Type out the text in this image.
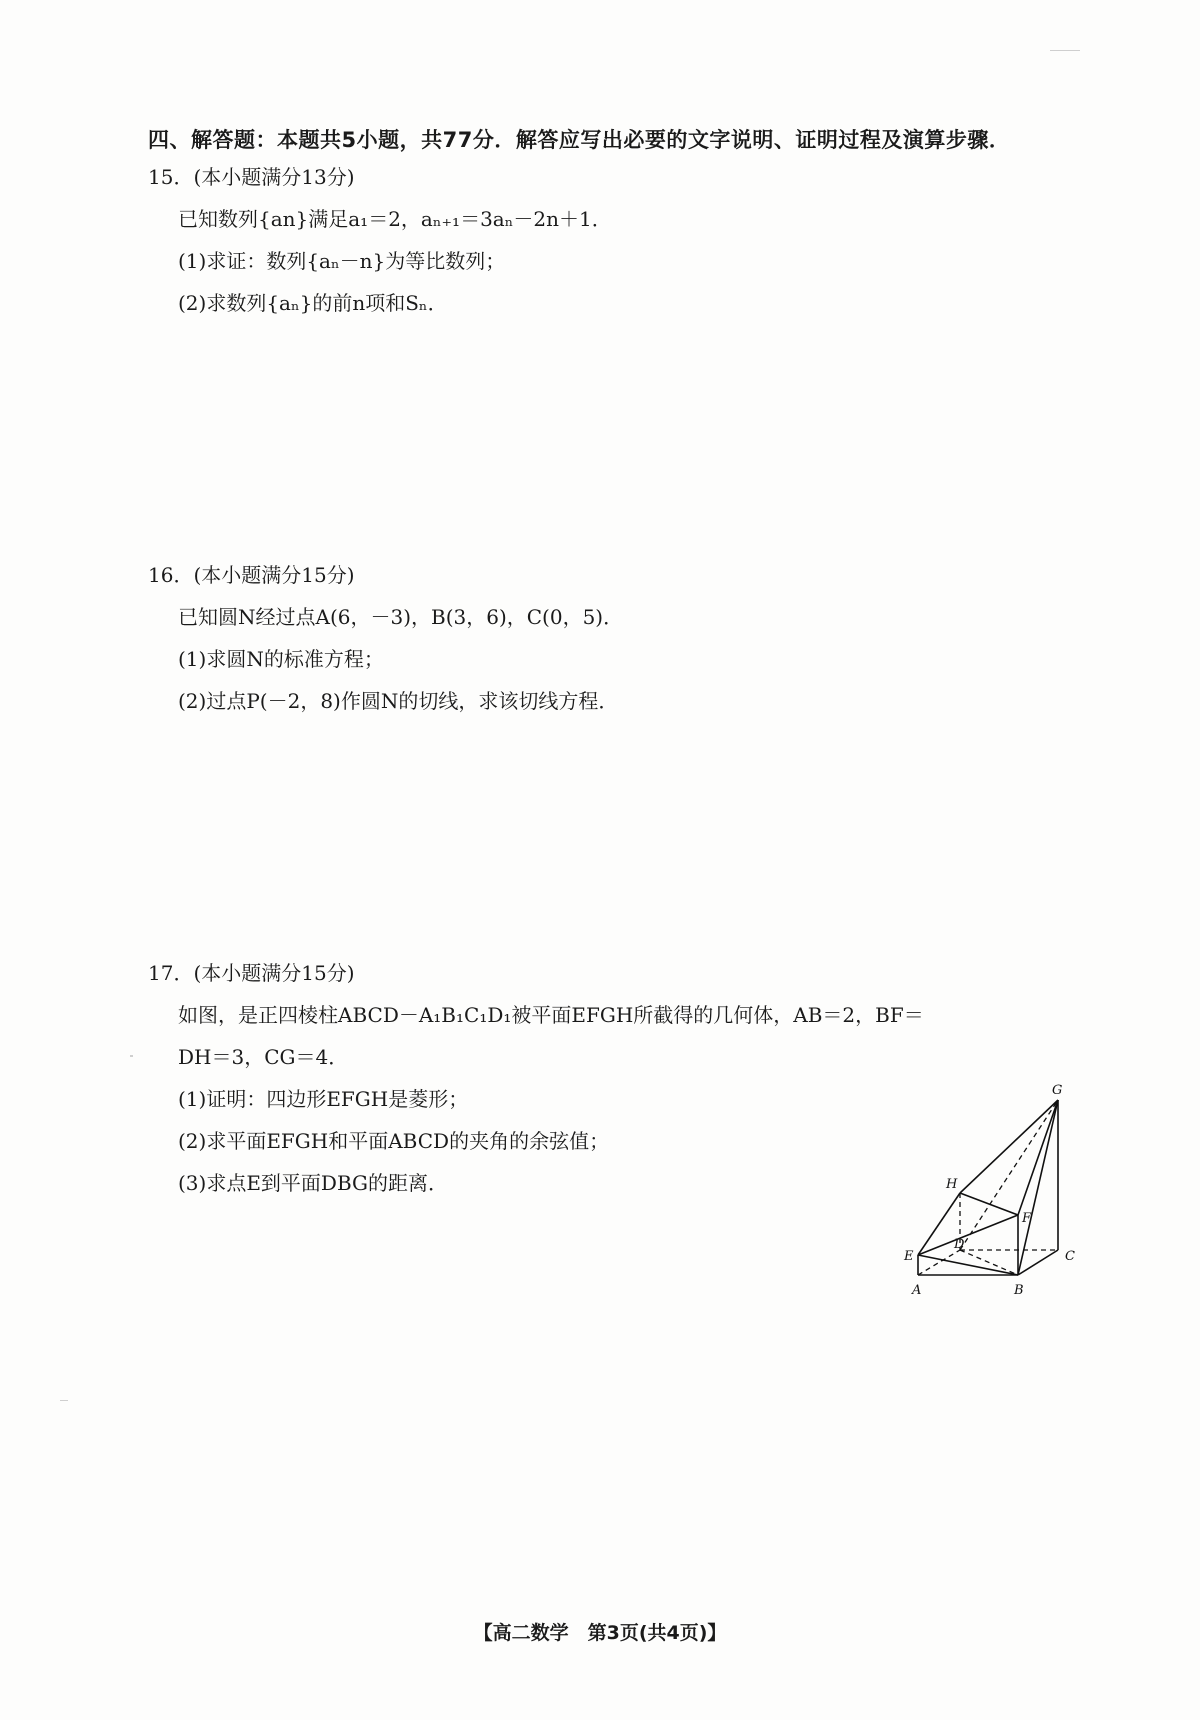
四、解答题：本题共5小题，共77分．解答应写出必要的文字说明、证明过程及演算步骤．
15．(本小题满分13分)
已知数列{an}满足a₁＝2，aₙ₊₁＝3aₙ－2n＋1．
(1)求证：数列{aₙ－n}为等比数列；
(2)求数列{aₙ}的前n项和Sₙ．
16．(本小题满分15分)
已知圆N经过点A(6，－3)，B(3，6)，C(0，5)．
(1)求圆N的标准方程；
(2)过点P(－2，8)作圆N的切线，求该切线方程．
17．(本小题满分15分)
如图，是正四棱柱ABCD－A₁B₁C₁D₁被平面EFGH所截得的几何体，AB＝2，BF＝
DH＝3，CG＝4．
(1)证明：四边形EFGH是菱形；
(2)求平面EFGH和平面ABCD的夹角的余弦值；
(3)求点E到平面DBG的距离．
G
H
F
E
D
C
A	B
【高二数学　第3页(共4页)】
